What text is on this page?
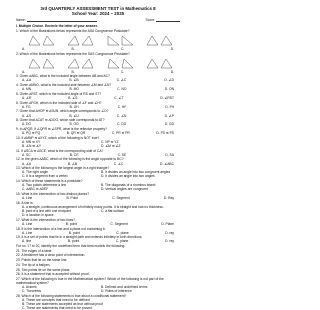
3rd QUARTERLY ASSESSMENT TEST in Mathematics 8
School Year: 2024 – 2025
Name:	Score:
I. Multiple Choice. Encircle the letter of your answer.
1. Which of the illustrations below represents the ASA Congruence Postulate?
A.	B.	C.	D.
2. Which of the illustrations below represents the SAS Congruence Postulate?
A.	B.	C.	D.
3. Given ∆ABC, what is the included angle between AB and AC?
A. ∠A	B. ∠B	C. ∠C	D. ∠D
4. Given ∆MNO, what is the included side between ∠M and ∠N?
A. MN	B. MO	C. NO	D. ON
5. Given ∆RST, which is the included angle of RS and ST?
A. ∠R	B. ∠S	C. ∠T	D. ∠RST
6. Given ∆FGH, which is the included side of ∠F and ∠H?
A. FG	B. GH	C. HF	D. FH
7. Given that ∆HOP ≅ ∆SUN, which angle corresponds to ∠O?
A. ∠S	B. ∠U	C. ∠N	D. ∠P
8. Given that ∆CAT ≅ ∆DOG, which side corresponds to AT?
A. DO	B. OG	C. DG	D. GD
9. In ∆PQR, if ∠QPR ≅ ∠SPR, what is the reflexive property?
A. PQ ≅ PQ	B. QR ≅ QR	C. PR ≅ PR	D. PS ≅ PS
10. If ∆MNP ≅ ∆XYZ, which of the following is NOT true?
A. MN ≅ XY
B. ∠N ≅ ∠Y
C. NP ≅ YZ
D. ∠M ≅ ∠Z
11. If ∆SCA ≅ ∆SCE, what is the corresponding side of CA?
A. SC	B. CE	C. SE	D. SA
12. In the given ∆ABC, which of the following is the angle opposite to BC?
A. ∠A	B. ∠B	C. ∠C	D. ∠ABC
13. Which of the following is the largest angle in a right triangle?
A. The right angle
C. It is a segment from a vertex
B. It divides an angle into two congruent angles
D. It divides an angle into two angles
14. Which of these statements is a postulate?
A. Two points determine a line
C. ∆ABC ≅ ∆DEF
B. The diagonals of a rhombus bisect
D. Vertical angles are congruent
15. What is the intersection of two distinct planes?
A. Line	B. Point	C. Segment	D. Ray
16. A line is:
A. a straight, continuous arrangement of infinitely many points. It is straight and has no thickness.
B. part of a line with one endpoint	C. a flat surface
D. a location in space
17. What is the intersection of two lines?
A. Line	B. point	C. Segment	D. Plane
18. It is the intersection of a line and a plane not containing it.
A. Line	B. point	C. plane	D. ray
19. It is a set of points that lie in a straight path and extends infinitely in both directions.
A. line	B. point	C. plane	D. ray
For no. 17 to 20, identify the undefined term that best models the following.
21. The edges of a table
22. A bedsheet has a clear point of intersection.
23. Points that lie on the same line.
24. The tip of a ballpen.
25. Two points lie on the same plane.
26. It is a statement that is accepted without proof.
27. Which of the following is true in the Mathematical system? Which of the following is not part of the mathematical system?
A. Axioms
C. Theorems
B. Defined and undefined terms
D. Rules of inference
28. Which of the following statements is true about a conditional statement?
A. These are concepts that need to be defined
B. These are statements accepted as true without proof
C. These are statements that need to be proved
